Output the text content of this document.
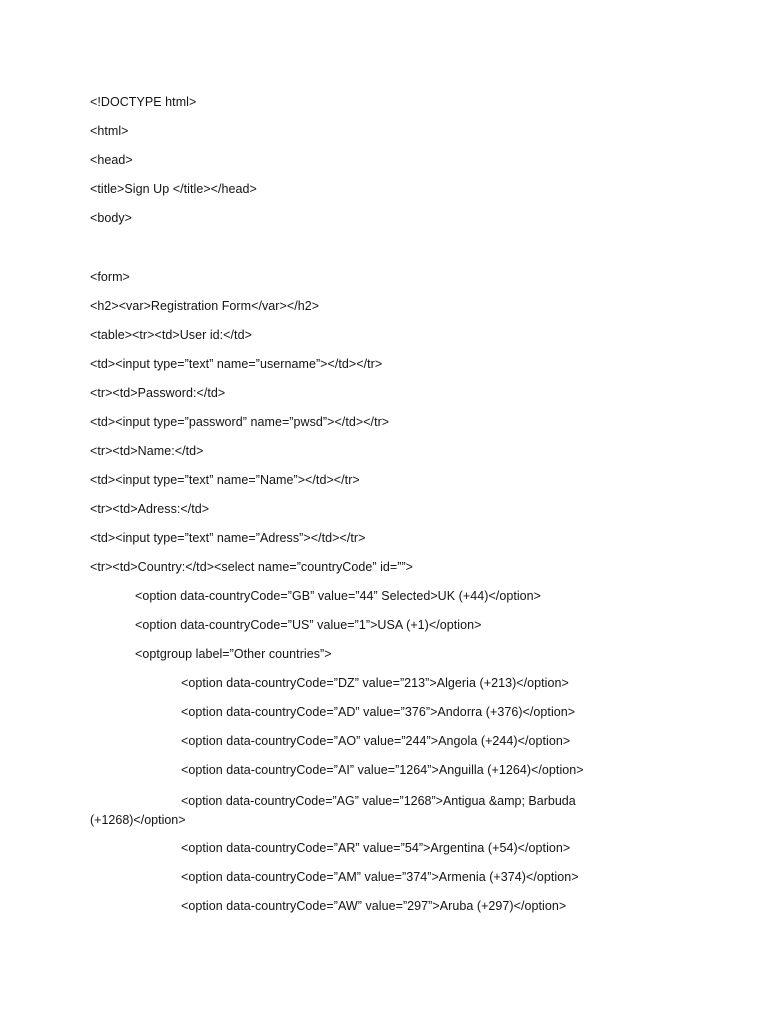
<!DOCTYPE html>
<html>
<head>
<title>Sign Up </title></head>
<body>
<form>
<h2><var>Registration Form</var></h2>
<table><tr><td>User id:</td>
<td><input type=”text” name=”username”></td></tr>
<tr><td>Password:</td>
<td><input type=”password” name=”pwsd”></td></tr>
<tr><td>Name:</td>
<td><input type=”text” name=”Name”></td></tr>
<tr><td>Adress:</td>
<td><input type=”text” name=”Adress”></td></tr>
<tr><td>Country:</td><select name=”countryCode” id=””>
<option data-countryCode=”GB” value=”44” Selected>UK (+44)</option>
<option data-countryCode=”US” value=”1”>USA (+1)</option>
<optgroup label=”Other countries”>
<option data-countryCode=”DZ” value=”213”>Algeria (+213)</option>
<option data-countryCode=”AD” value=”376”>Andorra (+376)</option>
<option data-countryCode=”AO” value=”244”>Angola (+244)</option>
<option data-countryCode=”AI” value=”1264”>Anguilla (+1264)</option>
<option data-countryCode=”AG” value=”1268”>Antigua &amp; Barbuda (+1268)</option>
<option data-countryCode=”AR” value=”54”>Argentina (+54)</option>
<option data-countryCode=”AM” value=”374”>Armenia (+374)</option>
<option data-countryCode=”AW” value=”297”>Aruba (+297)</option>
